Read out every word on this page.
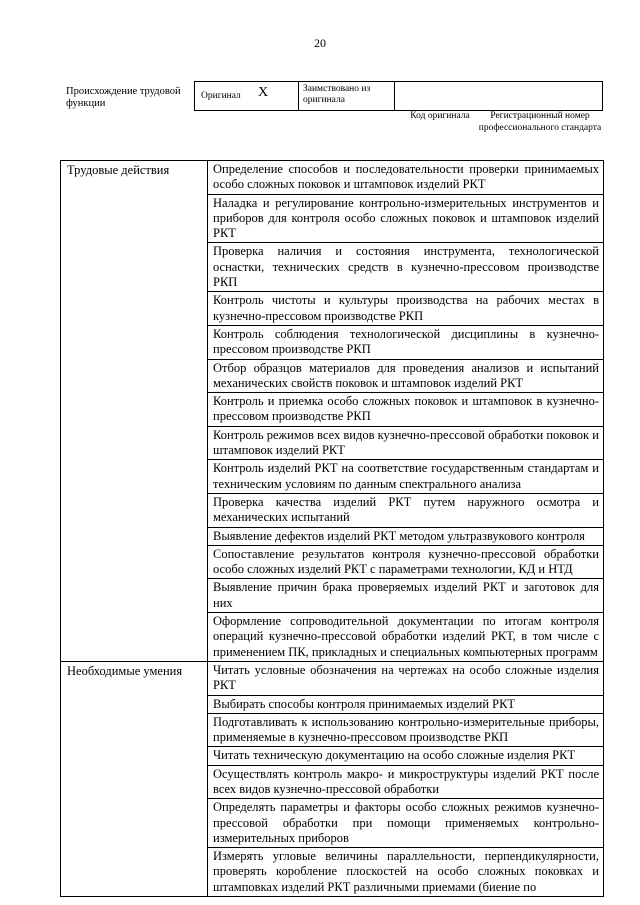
20
Происхождение трудовой функции
Оригинал X	Заимствовано из оригинала
Код оригинала	Регистрационный номер профессионального стандарта
Трудовые действия	Определение способов и последовательности проверки принимаемых особо сложных поковок и штамповок изделий РКТ
Наладка и регулирование контрольно-измерительных инструментов и приборов для контроля особо сложных поковок и штамповок изделий РКТ
Проверка наличия и состояния инструмента, технологической оснастки, технических средств в кузнечно-прессовом производстве РКП
Контроль чистоты и культуры производства на рабочих местах в кузнечно-прессовом производстве РКП
Контроль соблюдения технологической дисциплины в кузнечно-прессовом производстве РКП
Отбор образцов материалов для проведения анализов и испытаний механических свойств поковок и штамповок изделий РКТ
Контроль и приемка особо сложных поковок и штамповок в кузнечно-прессовом производстве РКП
Контроль режимов всех видов кузнечно-прессовой обработки поковок и штамповок изделий РКТ
Контроль изделий РКТ на соответствие государственным стандартам и техническим условиям по данным спектрального анализа
Проверка качества изделий РКТ путем наружного осмотра и механических испытаний
Выявление дефектов изделий РКТ методом ультразвукового контроля
Сопоставление результатов контроля кузнечно-прессовой обработки особо сложных изделий РКТ с параметрами технологии, КД и НТД
Выявление причин брака проверяемых изделий РКТ и заготовок для них
Оформление сопроводительной документации по итогам контроля операций кузнечно-прессовой обработки изделий РКТ, в том числе с применением ПК, прикладных и специальных компьютерных программ
Необходимые умения	Читать условные обозначения на чертежах на особо сложные изделия РКТ
Выбирать способы контроля принимаемых изделий РКТ
Подготавливать к использованию контрольно-измерительные приборы, применяемые в кузнечно-прессовом производстве РКП
Читать техническую документацию на особо сложные изделия РКТ
Осуществлять контроль макро- и микроструктуры изделий РКТ после всех видов кузнечно-прессовой обработки
Определять параметры и факторы особо сложных режимов кузнечно-прессовой обработки при помощи применяемых контрольно-измерительных приборов
Измерять угловые величины параллельности, перпендикулярности, проверять коробление плоскостей на особо сложных поковках и штамповках изделий РКТ различными приемами (биение по
